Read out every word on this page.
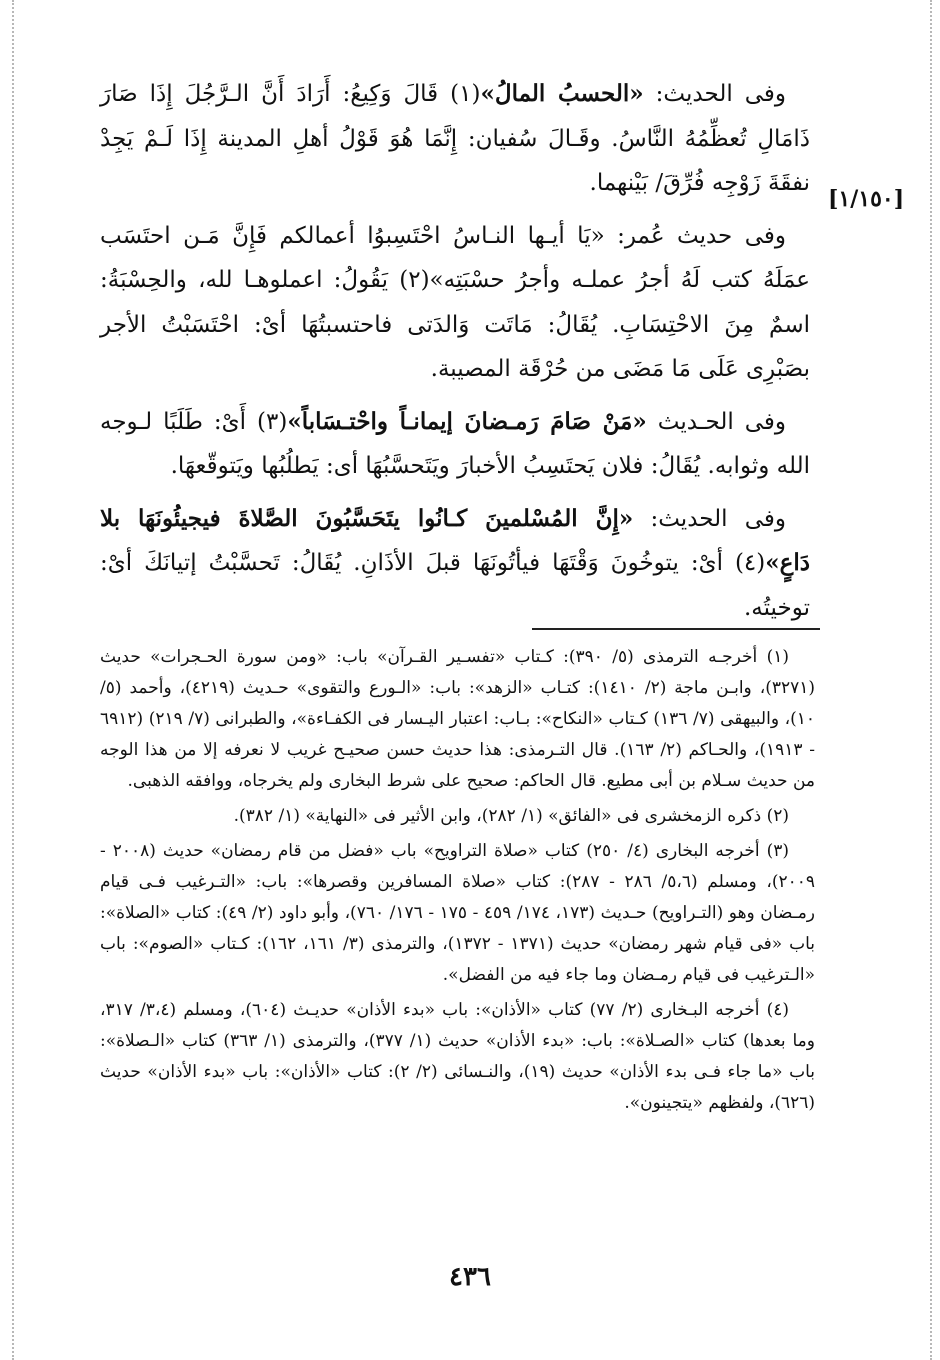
[١/١٥٠]

وفى الحديث: «الحسبُ المالُ»(١) قَالَ وَكِيعُ: أَرَادَ أَنَّ الـرَّجُلَ إِذَا صَارَ ذَامَالِ تُعظِّمُهُ النَّاسُ. وقَـالَ سُفيان: إِنَّمَا هُوَ قَوْلُ أهلِ المدينة إِذَا لَـمْ يَجِدْ نفقَةَ زَوْجِه فُرِّقَ/ بَيْنهما.

وفى حديث عُمر: «يَا أيـها النـاسُ احْتَسِبوُا أعمالكم فَإِنَّ مَـن احتَسَب عمَلَهُ كتب لَهُ أجرُ عملـه وأجرُ حسْبَتِه»(٢) يَقُولُ: اعملوهـا لله، والحِسْبَةُ: اسمٌ مِنَ الاحْتِسَابِ. يُقَالُ: مَاتَت وَالدَتى فاحتسبتُهَا أىْ: احْتَسَبْتُ الأجر بصَبْرِى عَلَى مَا مَضَى من حُرْقَة المصيبة.

وفى الحـديث «مَنْ صَامَ رَمـضانَ إيمانـاً واحْتـسَاباً»(٣) أَىْ: طَلَبًا لـوجه الله وثوابه. يُقَالُ: فلان يَحتَسِبُ الأخبارَ ويَتَحسَّبُهَا أى: يَطلُبُها ويَتوقّعهَا.

وفى الحديث: «إِنَّ المُسْلمينَ كـانُوا يتَحَسَّبُونَ الصَّلاةَ فيجيئُونَهَا بلا دَاعٍ»(٤) أىْ: يتوخُونَ وَقْتَهَا فيأتُونَهَا قبلَ الأذَانِ. يُقَالُ: تَحسَّبْتُ إتيانَكَ أىْ: توخيتُه.

(١) أخرجـه الترمذى (٥/ ٣٩٠): كـتاب «تفسـير القـرآن» باب: «ومن سورة الحـجرات» حديث (٣٢٧١)، وابـن ماجة (٢/ ١٤١٠): كتـاب «الزهد»: باب: «الـورع والتقوى» حـديث (٤٢١٩)، وأحمد (٥/ ١٠)، والبيهقى (٧/ ١٣٦) كـتاب «النكاح»: بـاب: اعتبار اليـسار فى الكفـاءة»، والطبرانى (٧/ ٢١٩) (٦٩١٢ - ١٩١٣)، والحـاكم (٢/ ١٦٣). قال التـرمذى: هذا حديث حسن صحيـح غريب لا نعرفه إلا من هذا الوجه من حديث سـلام بن أبى مطيع. قال الحاكم: صحيح على شرط البخارى ولم يخرجاه، ووافقه الذهبى.

(٢) ذكره الزمخشرى فى «الفائق» (١/ ٢٨٢)، وابن الأثير فى «النهاية» (١/ ٣٨٢).

(٣) أخرجه البخارى (٤/ ٢٥٠) كتاب «صلاة التراويح» باب «فضل من قام رمضان» حديث (٢٠٠٨ - ٢٠٠٩)، ومسلم (٥،٦/ ٢٨٦ - ٢٨٧): كتاب «صلاة المسافرين وقصرها»: باب: «التـرغيب فـى قيام رمـضان وهو (التـراويح) حـديث (١٧٣، ١٧٤/ ٤٥٩ - ١٧٥ - ١٧٦/ ٧٦٠)، وأبو داود (٢/ ٤٩): كتاب «الصلاة»: باب «فى قيام شهر رمضان» حديث (١٣٧١ - ١٣٧٢)، والترمذى (٣/ ١٦١، ١٦٢): كـتاب «الصوم»: باب «الـترغيب فى قيام رمـضان وما جاء فيه من الفضل».

(٤) أخرجه البـخارى (٢/ ٧٧) كتاب «الأذان»: باب «بدء الأذان» حديـث (٦٠٤)، ومسلم (٣،٤/ ٣١٧، وما بعدها) كتاب «الصـلاة»: باب: «بدء الأذان» حديث (١/ ٣٧٧)، والترمذى (١/ ٣٦٣) كتاب «الـصلاة»: باب «ما جاء فـى بدء الأذان» حديث (١٩)، والنـسائى (٢/ ٢): كتاب «الأذان»: باب «بدء الأذان» حديث (٦٢٦)، ولفظهم «يتجينون».

٤٣٦
